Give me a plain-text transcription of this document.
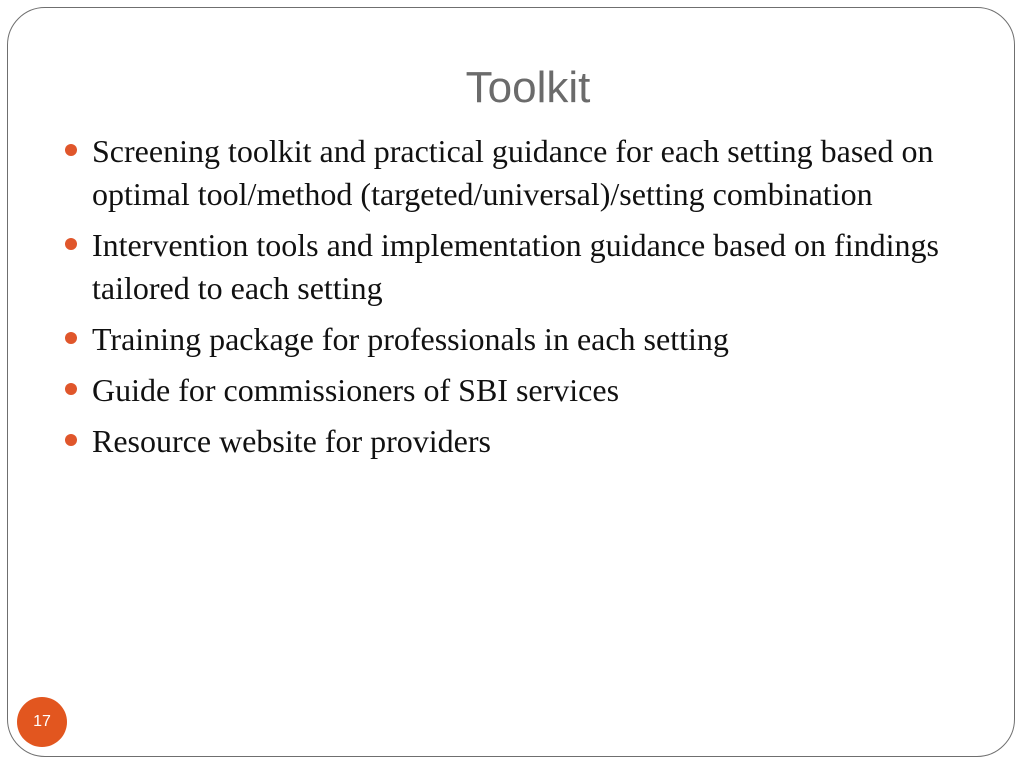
Toolkit
Screening toolkit and practical guidance for each setting based on optimal tool/method (targeted/universal)/setting combination
Intervention tools and implementation guidance based on findings tailored to each setting
Training package for professionals in each setting
Guide for commissioners of SBI services
Resource website for providers
17
